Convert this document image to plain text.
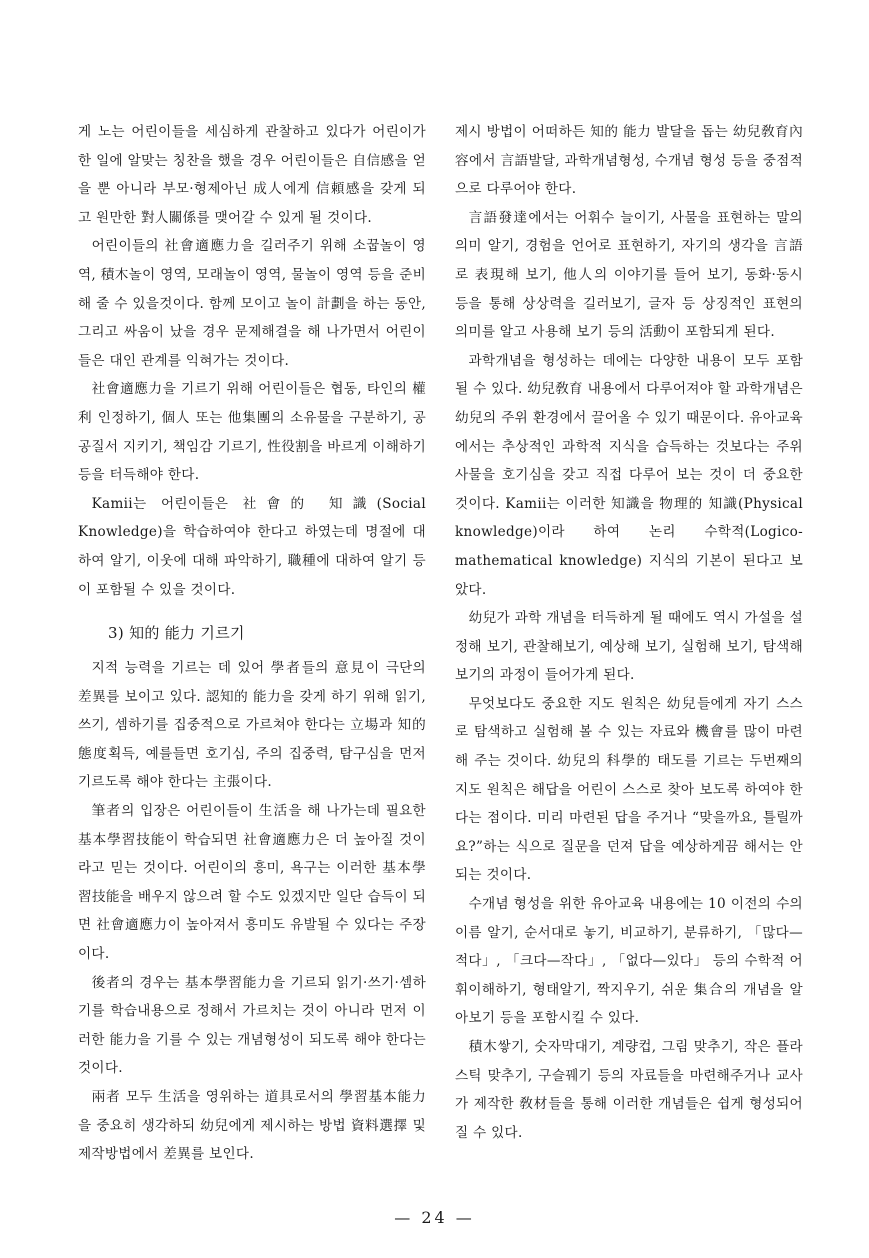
게 노는 어린이들을 세심하게 관찰하고 있다가 어린이가 한 일에 알맞는 칭찬을 했을 경우 어린이들은 自信感을 얻을 뿐 아니라 부모·형제아닌 成人에게 信頼感을 갖게 되고 원만한 對人關係를 맺어갈 수 있게 될 것이다.

어린이들의 社會適應力을 길러주기 위해 소꿉놀이 영역, 積木놀이 영역, 모래놀이 영역, 물놀이 영역 등을 준비해 줄 수 있을것이다. 함께 모이고 놀이 計劃을 하는 동안, 그리고 싸움이 났을 경우 문제해결을 해 나가면서 어린이들은 대인 관계를 익혀가는 것이다.

社會適應力을 기르기 위해 어린이들은 협동, 타인의 權利 인정하기, 個人 또는 他集團의 소유물을 구분하기, 공공질서 지키기, 책임감 기르기, 性役割을 바르게 이해하기 등을 터득해야 한다.

Kamii는 어린이들은 社會的 知識(Social Knowledge)을 학습하여야 한다고 하였는데 명절에 대하여 알기, 이웃에 대해 파악하기, 職種에 대하여 알기 등이 포함될 수 있을 것이다.

3) 知的 能力 기르기

지적 능력을 기르는 데 있어 學者들의 意見이 극단의 差異를 보이고 있다. 認知的 能力을 갖게 하기 위해 읽기, 쓰기, 셈하기를 집중적으로 가르쳐야 한다는 立場과 知的 態度획득, 예를들면 호기심, 주의 집중력, 탐구심을 먼저 기르도록 해야 한다는 主張이다.

筆者의 입장은 어린이들이 生活을 해 나가는데 필요한 基本學習技能이 학습되면 社會適應力은 더 높아질 것이라고 믿는 것이다. 어린이의 흥미, 욕구는 이러한 基本學習技能을 배우지 않으려 할 수도 있겠지만 일단 습득이 되면 社會適應力이 높아져서 흥미도 유발될 수 있다는 주장이다.

後者의 경우는 基本學習能力을 기르되 읽기·쓰기·셈하기를 학습내용으로 정해서 가르치는 것이 아니라 먼저 이러한 能力을 기를 수 있는 개념형성이 되도록 해야 한다는 것이다.

兩者 모두 生活을 영위하는 道具로서의 學習基本能力을 중요히 생각하되 幼兒에게 제시하는 방법 資料選擇 및 제작방법에서 差異를 보인다.

제시 방법이 어떠하든 知的 能力 발달을 돕는 幼兒敎育內容에서 言語발달, 과학개념형성, 수개념 형성 등을 중점적으로 다루어야 한다.

言語發達에서는 어휘수 늘이기, 사물을 표현하는 말의 의미 알기, 경험을 언어로 표현하기, 자기의 생각을 言語로 表現해 보기, 他人의 이야기를 들어 보기, 동화·동시 등을 통해 상상력을 길러보기, 글자 등 상징적인 표현의 의미를 알고 사용해 보기 등의 活動이 포함되게 된다.

과학개념을 형성하는 데에는 다양한 내용이 모두 포함될 수 있다. 幼兒敎育 내용에서 다루어져야 할 과학개념은 幼兒의 주위 환경에서 끌어올 수 있기 때문이다. 유아교육에서는 추상적인 과학적 지식을 습득하는 것보다는 주위 사물을 호기심을 갖고 직접 다루어 보는 것이 더 중요한 것이다. Kamii는 이러한 知識을 物理的 知識(Physical knowledge)이라 하여 논리 수학적(Logico-mathematical knowledge) 지식의 기본이 된다고 보았다.

幼兒가 과학 개념을 터득하게 될 때에도 역시 가설을 설정해 보기, 관찰해보기, 예상해 보기, 실험해 보기, 탐색해 보기의 과정이 들어가게 된다.

무엇보다도 중요한 지도 원칙은 幼兒들에게 자기 스스로 탐색하고 실험해 볼 수 있는 자료와 機會를 많이 마련해 주는 것이다. 幼兒의 科學的 태도를 기르는 두번째의 지도 원칙은 해답을 어린이 스스로 찾아 보도록 하여야 한다는 점이다. 미리 마련된 답을 주거나 “맞을까요, 틀릴까요?”하는 식으로 질문을 던져 답을 예상하게끔 해서는 안되는 것이다.

수개념 형성을 위한 유아교육 내용에는 10 이전의 수의 이름 알기, 순서대로 놓기, 비교하기, 분류하기, 「많다—적다」, 「크다—작다」, 「없다—있다」 등의 수학적 어휘이해하기, 형태알기, 짝지우기, 쉬운 集合의 개념을 알아보기 등을 포함시킬 수 있다.

積木쌓기, 숫자막대기, 계량컵, 그림 맞추기, 작은 플라스틱 맞추기, 구슬꿰기 등의 자료들을 마련해주거나 교사가 제작한 敎材들을 통해 이러한 개념들은 쉽게 형성되어 질 수 있다.

— 24 —
